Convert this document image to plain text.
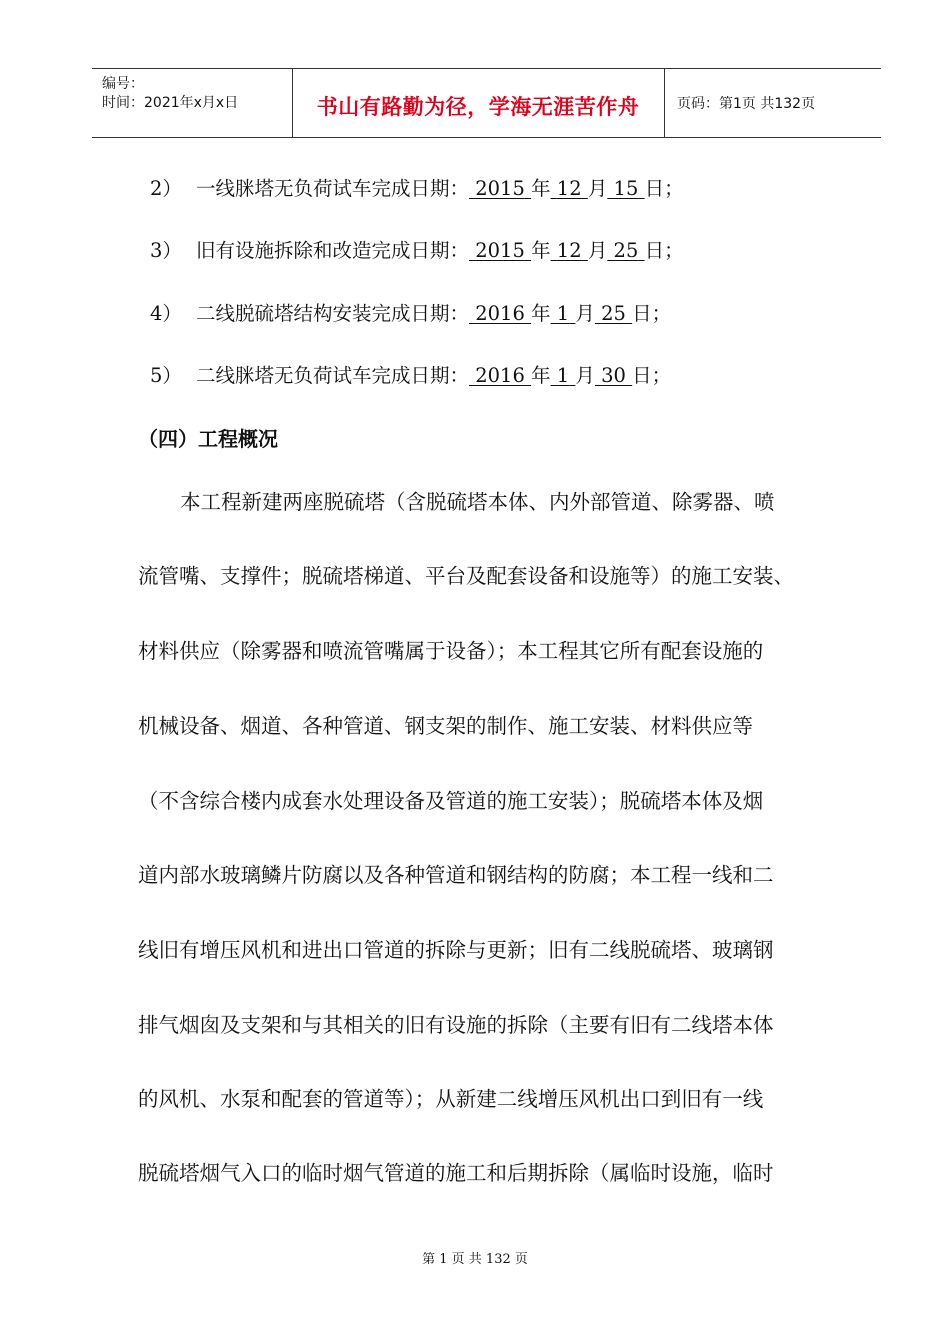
编号：
时间：2021年x月x日	书山有路勤为径，学海无涯苦作舟	页码：第1页 共132页
2） 一线脒塔无负荷试车完成日期： 2015 年 12 月 15 日；
3） 旧有设施拆除和改造完成日期： 2015 年 12 月 25 日；
4） 二线脱硫塔结构安装完成日期： 2016 年 1 月 25 日；
5） 二线脒塔无负荷试车完成日期： 2016 年 1 月 30 日；
（四）工程概况
本工程新建两座脱硫塔（含脱硫塔本体、内外部管道、除雾器、喷
流管嘴、支撑件；脱硫塔梯道、平台及配套设备和设施等）的施工安装、
材料供应（除雾器和喷流管嘴属于设备）；本工程其它所有配套设施的
机械设备、烟道、各种管道、钢支架的制作、施工安装、材料供应等
（不含综合楼内成套水处理设备及管道的施工安装）；脱硫塔本体及烟
道内部水玻璃鳞片防腐以及各种管道和钢结构的防腐；本工程一线和二
线旧有增压风机和进出口管道的拆除与更新；旧有二线脱硫塔、玻璃钢
排气烟囱及支架和与其相关的旧有设施的拆除（主要有旧有二线塔本体
的风机、水泵和配套的管道等）；从新建二线增压风机出口到旧有一线
脱硫塔烟气入口的临时烟气管道的施工和后期拆除（属临时设施，临时
第 1 页 共 132 页
